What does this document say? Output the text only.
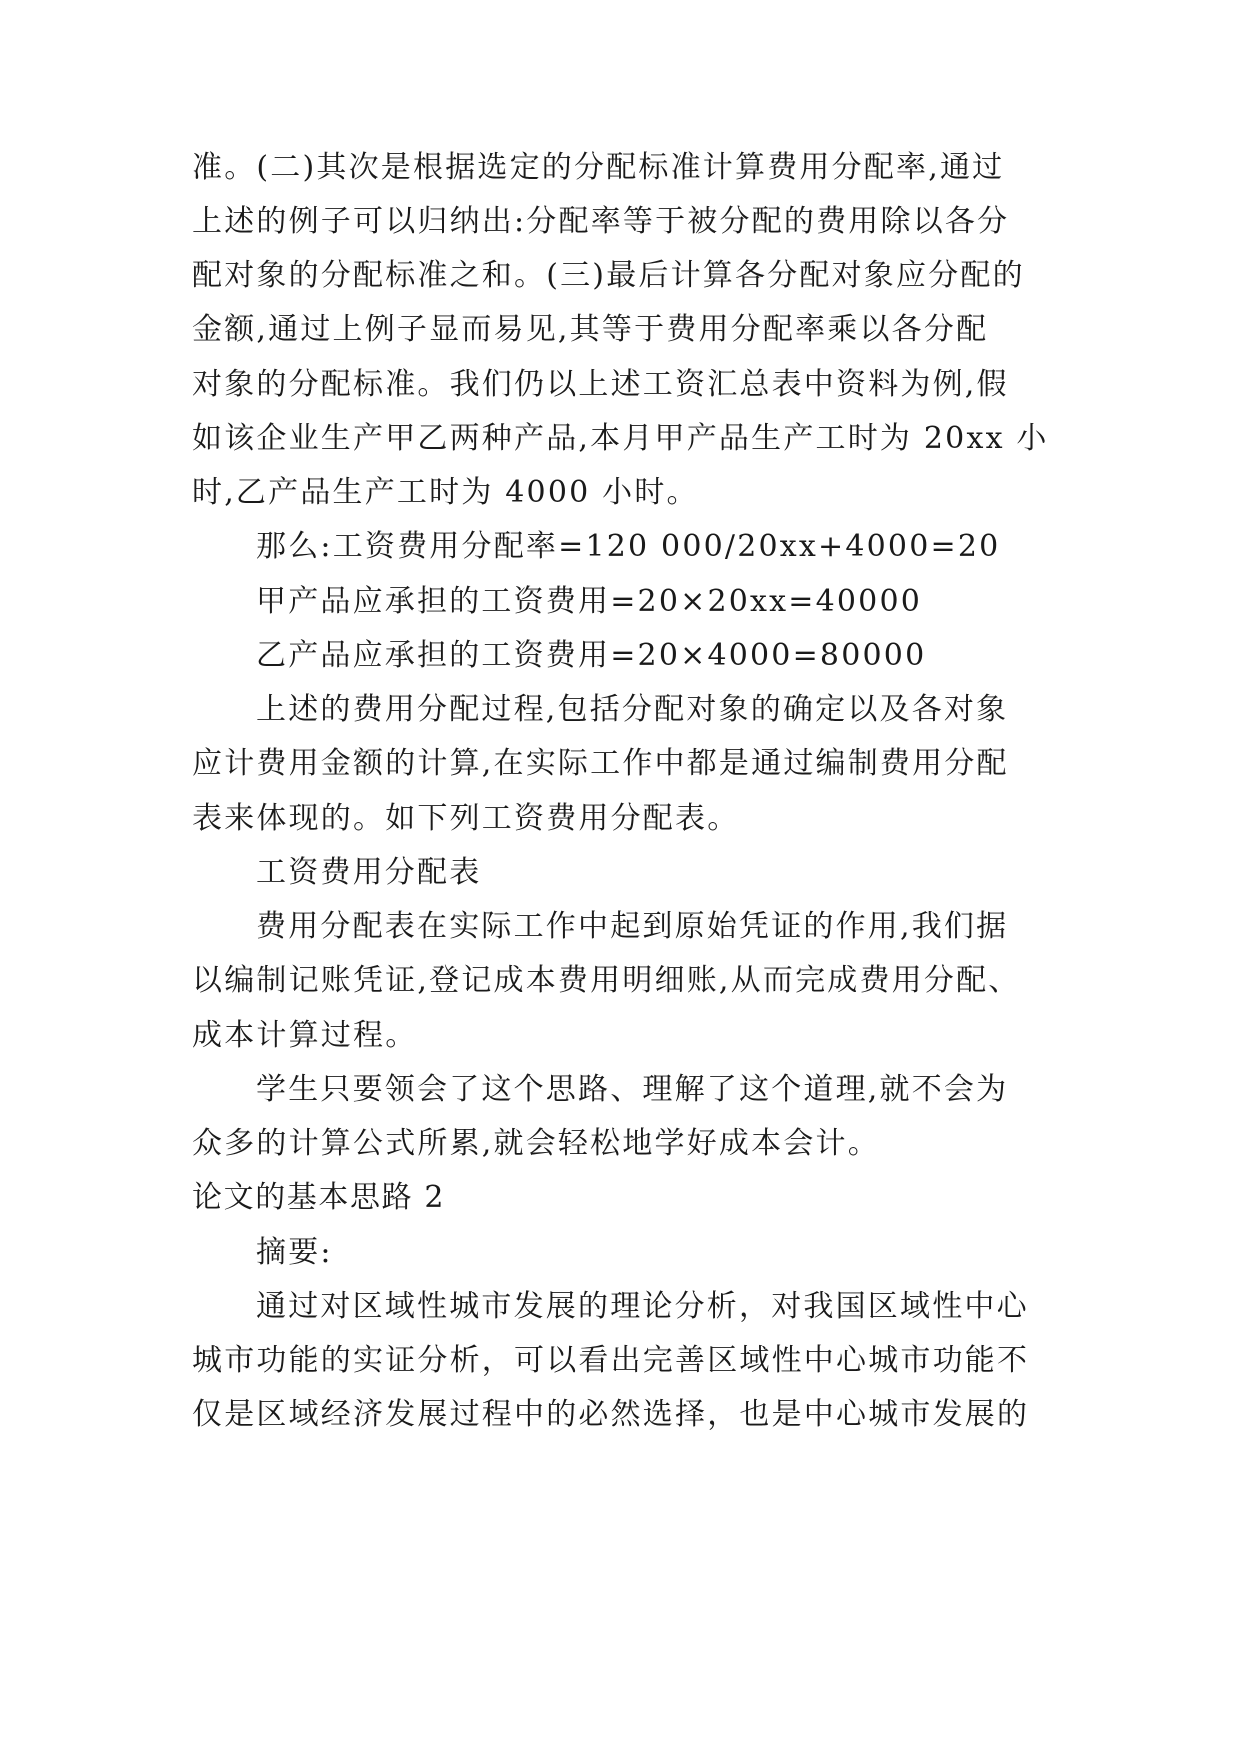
准。(二)其次是根据选定的分配标准计算费用分配率,通过
上述的例子可以归纳出:分配率等于被分配的费用除以各分
配对象的分配标准之和。(三)最后计算各分配对象应分配的
金额,通过上例子显而易见,其等于费用分配率乘以各分配
对象的分配标准。我们仍以上述工资汇总表中资料为例,假
如该企业生产甲乙两种产品,本月甲产品生产工时为 20xx 小
时,乙产品生产工时为 4000 小时。
那么:工资费用分配率=120 000/20xx+4000=20
甲产品应承担的工资费用=20×20xx=40000
乙产品应承担的工资费用=20×4000=80000
上述的费用分配过程,包括分配对象的确定以及各对象
应计费用金额的计算,在实际工作中都是通过编制费用分配
表来体现的。如下列工资费用分配表。
工资费用分配表
费用分配表在实际工作中起到原始凭证的作用,我们据
以编制记账凭证,登记成本费用明细账,从而完成费用分配、
成本计算过程。
学生只要领会了这个思路、理解了这个道理,就不会为
众多的计算公式所累,就会轻松地学好成本会计。
论文的基本思路 2
摘要:
通过对区域性城市发展的理论分析，对我国区域性中心
城市功能的实证分析，可以看出完善区域性中心城市功能不
仅是区域经济发展过程中的必然选择，也是中心城市发展的
